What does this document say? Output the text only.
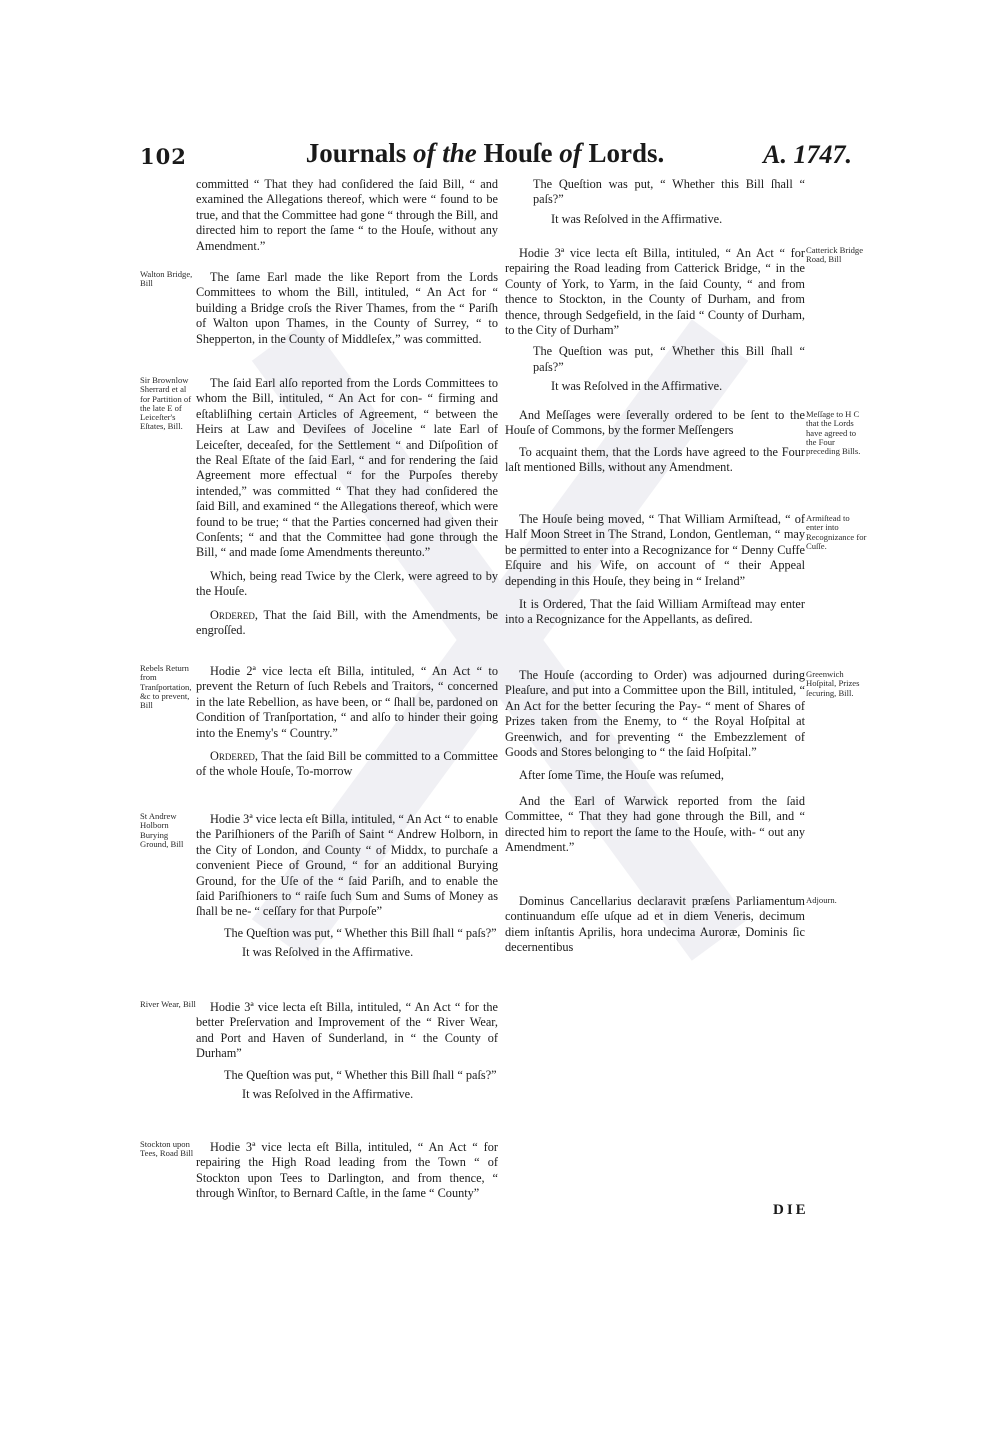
102	Journals of the Houſe of Lords.	A. 1747.

committed “ That they had conſidered the ſaid Bill, “ and examined the Allegations thereof, which were “ found to be true, and that the Committee had gone “ through the Bill, and directed him to report the ſame “ to the Houſe, without any Amendment.”

Walton Bridge, Bill	The ſame Earl made the like Report from the Lords Committees to whom the Bill, intituled, “ An Act for “ building a Bridge croſs the River Thames, from the “ Pariſh of Walton upon Thames, in the County of Surrey, “ to Shepperton, in the County of Middleſex,” was committed.

Sir Brownlow Sherrard et al for Partition of the late E of Leiceſter's Eſtates, Bill.

The ſaid Earl alſo reported from the Lords Committees to whom the Bill, intituled, “ An Act for con- “ firming and eſtabliſhing certain Articles of Agreement, “ between the Heirs at Law and Deviſees of Joceline “ late Earl of Leiceſter, deceaſed, for the Settlement “ and Diſpoſition of the Real Eſtate of the ſaid Earl, “ and for rendering the ſaid Agreement more effectual “ for the Purpoſes thereby intended,” was committed “ That they had conſidered the ſaid Bill, and examined “ the Allegations thereof, which were found to be true; “ that the Parties concerned had given their Conſents; “ and that the Committee had gone through the Bill, “ and made ſome Amendments thereunto.”

Which, being read Twice by the Clerk, were agreed to by the Houſe.

Ordered, That the ſaid Bill, with the Amendments, be engroſſed.

Rebels Return from Tranſportation, &c to prevent, Bill

Hodie 2ª vice lecta eſt Billa, intituled, “ An Act “ to prevent the Return of ſuch Rebels and Traitors, “ concerned in the late Rebellion, as have been, or “ ſhall be, pardoned on Condition of Tranſportation, “ and alſo to hinder their going into the Enemy's “ Country.”

Ordered, That the ſaid Bill be committed to a Committee of the whole Houſe, To-morrow

St Andrew Holborn Burying Ground, Bill

Hodie 3ª vice lecta eſt Billa, intituled, “ An Act “ to enable the Pariſhioners of the Pariſh of Saint “ Andrew Holborn, in the City of London, and County “ of Middx, to purchaſe a convenient Piece of Ground, “ for an additional Burying Ground, for the Uſe of the “ ſaid Pariſh, and to enable the ſaid Pariſhioners to “ raiſe ſuch Sum and Sums of Money as ſhall be ne- “ ceſſary for that Purpoſe”

The Queſtion was put, “ Whether this Bill ſhall “ paſs?”

It was Reſolved in the Affirmative.

River Wear, Bill	Hodie 3ª vice lecta eſt Billa, intituled, “ An Act “ for the better Preſervation and Improvement of the “ River Wear, and Port and Haven of Sunderland, in “ the County of Durham”

The Queſtion was put, “ Whether this Bill ſhall “ paſs?”

It was Reſolved in the Affirmative.

Stockton upon Tees, Road Bill	Hodie 3ª vice lecta eſt Billa, intituled, “ An Act “ for repairing the High Road leading from the Town “ of Stockton upon Tees to Darlington, and from thence, “ through Winſtor, to Bernard Caſtle, in the ſame “ County”

The Queſtion was put, “ Whether this Bill ſhall “ paſs?”

It was Reſolved in the Affirmative.

Catterick Bridge Road, Bill

Hodie 3ª vice lecta eſt Billa, intituled, “ An Act “ for repairing the Road leading from Catterick Bridge, “ in the County of York, to Yarm, in the ſaid County, “ and from thence to Stockton, in the County of Durham, and from thence, through Sedgefield, in the ſaid “ County of Durham, to the City of Durham”

The Queſtion was put, “ Whether this Bill ſhall “ paſs?”

It was Reſolved in the Affirmative.

Meſſage to H C that the Lords have agreed to the Four preceding Bills.

And Meſſages were ſeverally ordered to be ſent to the Houſe of Commons, by the former Meſſengers

To acquaint them, that the Lords have agreed to the Four laſt mentioned Bills, without any Amendment.

Armiſtead to enter into Recognizance for Cuſſe.

The Houſe being moved, “ That William Armiſtead, “ of Half Moon Street in The Strand, London, Gentleman, “ may be permitted to enter into a Recognizance for “ Denny Cuffe Eſquire and his Wife, on account of “ their Appeal depending in this Houſe, they being in “ Ireland”

It is Ordered, That the ſaid William Armiſtead may enter into a Recognizance for the Appellants, as deſired.

Greenwich Hoſpital, Prizes ſecuring, Bill.

The Houſe (according to Order) was adjourned during Pleaſure, and put into a Committee upon the Bill, intituled, “ An Act for the better ſecuring the Pay- “ ment of Shares of Prizes taken from the Enemy, to “ the Royal Hoſpital at Greenwich, and for preventing “ the Embezzlement of Goods and Stores belonging to “ the ſaid Hoſpital.”

After ſome Time, the Houſe was reſumed,

And the Earl of Warwick reported from the ſaid Committee, “ That they had gone through the Bill, and “ directed him to report the ſame to the Houſe, with- “ out any Amendment.”

Adjourn.

Dominus Cancellarius declaravit præſens Parliamentum continuandum eſſe uſque ad et in diem Veneris, decimum diem inſtantis Aprilis, hora undecima Auroræ, Dominis ſic decernentibus

DIE
